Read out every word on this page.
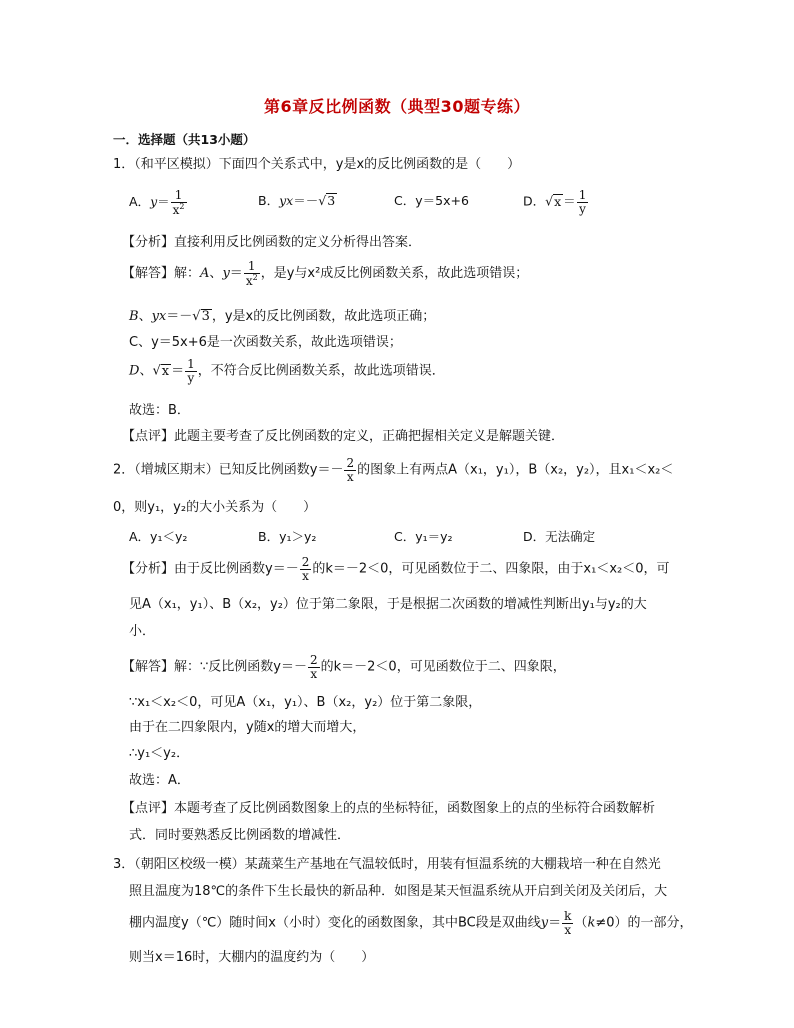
第6章反比例函数（典型30题专练）
一．选择题（共13小题）
1．（和平区模拟）下面四个关系式中，y是x的反比例函数的是（　　）
A．$y= \frac{1}{x^2}$	B．yx＝－√3	C．y＝5x+6	D．$√x = \frac{1}{y}$
【分析】直接利用反比例函数的定义分析得出答案．
【解答】解：A、$y= \frac{1}{x^2}$ ，是y与x²成反比例函数关系，故此选项错误；
B、yx＝－√3 ，y是x的反比例函数，故此选项正确；
C、y＝5x+6是一次函数关系，故此选项错误；
D、$√x = \frac{1}{y}$ ，不符合反比例函数关系，故此选项错误．
故选：B．
【点评】此题主要考查了反比例函数的定义，正确把握相关定义是解题关键．
2．（增城区期末）已知反比例函数$y=- \frac{2}{x}$ 的图象上有两点A（x₁，y₁），B（x₂，y₂），且x₁＜x₂＜
0，则y₁，y₂的大小关系为（　　）
A．y₁＜y₂	B．y₁＞y₂	C．y₁＝y₂	D．无法确定
【分析】由于反比例函数$y=- \frac{2}{x}$ 的k＝－2＜0，可见函数位于二、四象限，由于x₁＜x₂＜0，可
见A（x₁，y₁）、B（x₂，y₂）位于第二象限，于是根据二次函数的增减性判断出y₁与y₂的大
小．
【解答】解：∵反比例函数$y=- \frac{2}{x}$ 的k＝－2＜0，可见函数位于二、四象限，
∵x₁＜x₂＜0，可见A（x₁，y₁）、B（x₂，y₂）位于第二象限，
由于在二四象限内，y随x的增大而增大，
∴y₁＜y₂．
故选：A．
【点评】本题考查了反比例函数图象上的点的坐标特征，函数图象上的点的坐标符合函数解析
式．同时要熟悉反比例函数的增减性．
3．（朝阳区校级一模）某蔬菜生产基地在气温较低时，用装有恒温系统的大棚栽培一种在自然光
照且温度为18℃的条件下生长最快的新品种．如图是某天恒温系统从开启到关闭及关闭后，大
棚内温度y（℃）随时间x（小时）变化的函数图象，其中BC段是双曲线$y= \frac{k}{x} (k\ne 0)$的一部分，
则当x＝16时，大棚内的温度约为（　　）
